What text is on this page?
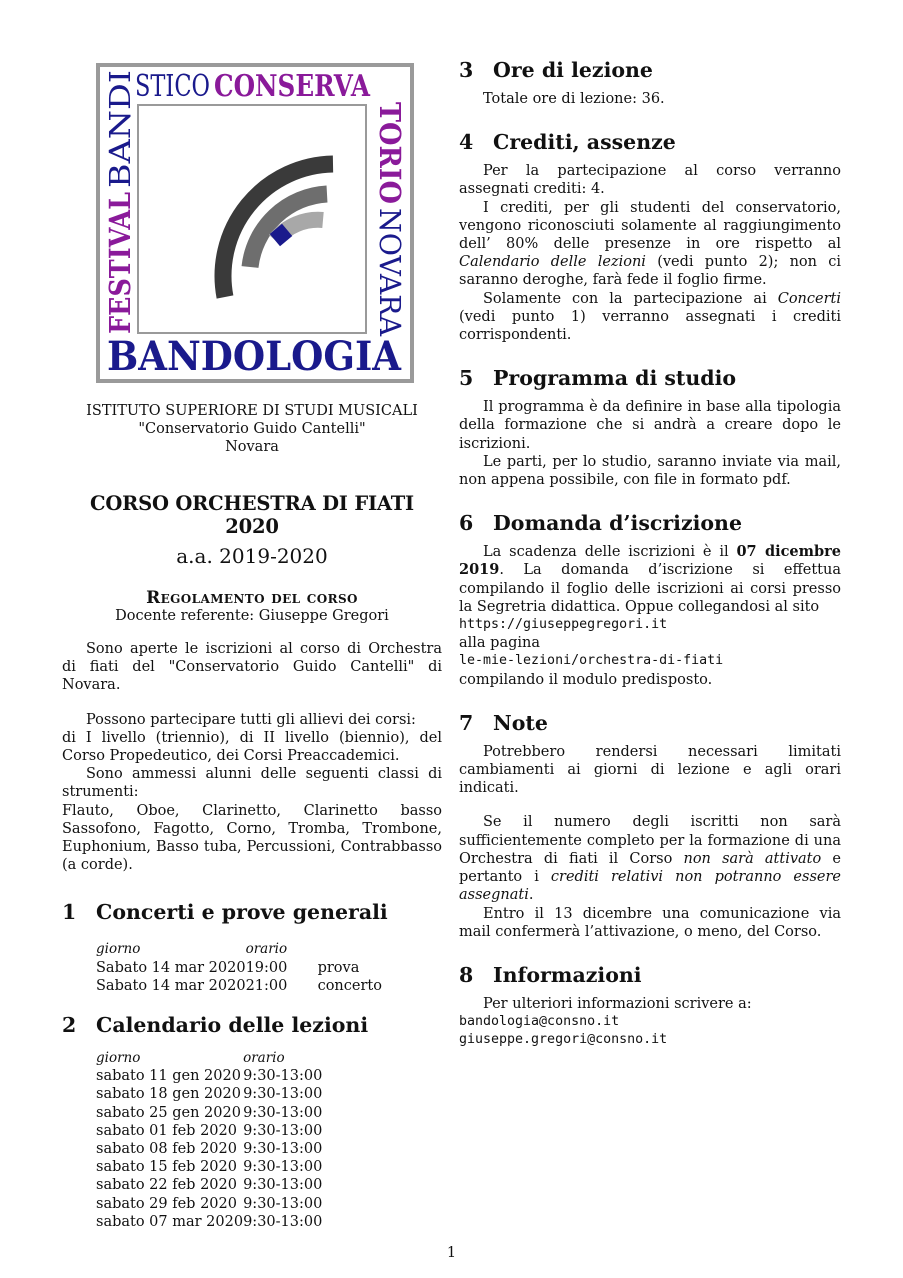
STICO CONSERVA
FESTIVAL
BANDI	TORIO
NOVARA
BANDOLOGIA
ISTITUTO SUPERIORE DI STUDI MUSICALI
"Conservatorio Guido Cantelli"
Novara
CORSO ORCHESTRA DI FIATI 2020
a.a. 2019-2020
Regolamento del corso
Docente referente: Giuseppe Gregori

Sono aperte le iscrizioni al corso di Orchestra di fiati del "Conservatorio Guido Cantelli" di Novara.

Possono partecipare tutti gli allievi dei corsi:

di I livello (triennio), di II livello (biennio), del Corso Propedeutico, dei Corsi Preaccademici.

Sono ammessi alunni delle seguenti classi di strumenti:

Flauto, Oboe, Clarinetto, Clarinetto basso Sassofono, Fagotto, Corno, Tromba, Trombone, Euphonium, Basso tuba, Percussioni, Contrabbasso (a corde).

1 Concerti e prove generali
giorno	orario	
Sabato 14 mar 2020	19:00	prova
Sabato 14 mar 2020	21:00	concerto
2 Calendario delle lezioni
giorno	orario
sabato 11 gen 2020	9:30-13:00
sabato 18 gen 2020	9:30-13:00
sabato 25 gen 2020	9:30-13:00
sabato 01 feb 2020	9:30-13:00
sabato 08 feb 2020	9:30-13:00
sabato 15 feb 2020	9:30-13:00
sabato 22 feb 2020	9:30-13:00
sabato 29 feb 2020	9:30-13:00
sabato 07 mar 2020	9:30-13:00
3 Ore di lezione

Totale ore di lezione: 36.

4 Crediti, assenze

Per la partecipazione al corso verranno assegnati crediti: 4.

I crediti, per gli studenti del conservatorio, vengono riconosciuti solamente al raggiungimento dell’ 80% delle presenze in ore rispetto al Calendario delle lezioni (vedi punto 2); non ci saranno deroghe, farà fede il foglio firme.

Solamente con la partecipazione ai Concerti (vedi punto 1) verranno assegnati i crediti corrispondenti.

5 Programma di studio

Il programma è da definire in base alla tipologia della formazione che si andrà a creare dopo le iscrizioni.

Le parti, per lo studio, saranno inviate via mail, non appena possibile, con file in formato pdf.

6 Domanda d’iscrizione

La scadenza delle iscrizioni è il 07 dicembre 2019. La domanda d’iscrizione si effettua compilando il foglio delle iscrizioni ai corsi presso la Segretria didattica. Oppue collegandosi al sito

https://giuseppegregori.it

alla pagina

le-mie-lezioni/orchestra-di-fiati

compilando il modulo predisposto.

7 Note

Potrebbero rendersi necessari limitati cambiamenti ai giorni di lezione e agli orari indicati.

Se il numero degli iscritti non sarà sufficientemente completo per la formazione di una Orchestra di fiati il Corso non sarà attivato e pertanto i crediti relativi non potranno essere assegnati.

Entro il 13 dicembre una comunicazione via mail confermerà l’attivazione, o meno, del Corso.

8 Informazioni

Per ulteriori informazioni scrivere a:

bandologia@consno.it

giuseppe.gregori@consno.it

1
